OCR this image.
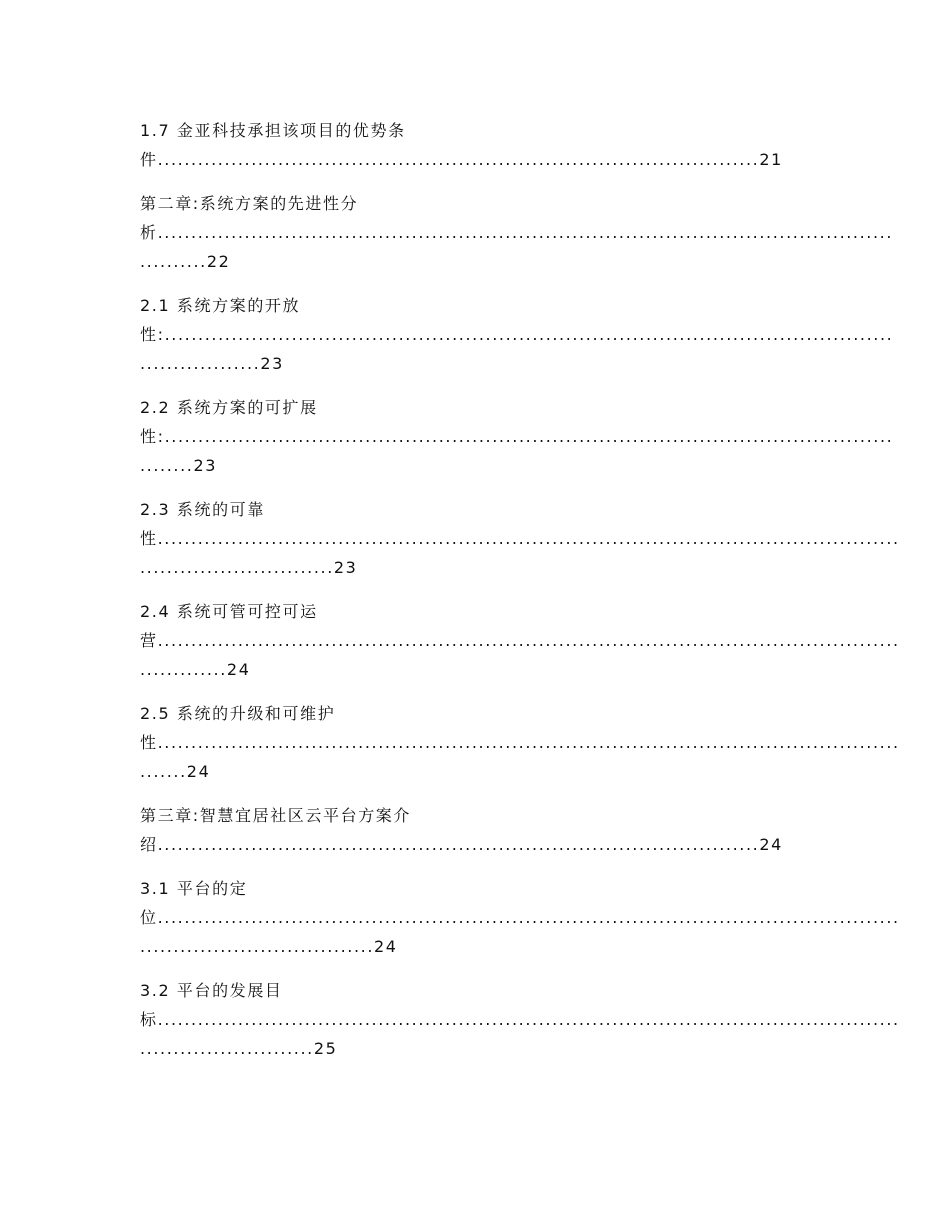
1.7 金亚科技承担该项目的优势条
件..........................................................................................21
第二章:系统方案的先进性分
析..............................................................................................................
..........22
2.1 系统方案的开放
性:.............................................................................................................
..................23
2.2 系统方案的可扩展
性:.............................................................................................................
........23
2.3 系统的可靠
性...............................................................................................................
.............................23
2.4 系统可管可控可运
营...............................................................................................................
.............24
2.5 系统的升级和可维护
性...............................................................................................................
.......24
第三章:智慧宜居社区云平台方案介
绍..........................................................................................24
3.1 平台的定
位...............................................................................................................
...................................24
3.2 平台的发展目
标...............................................................................................................
..........................25
